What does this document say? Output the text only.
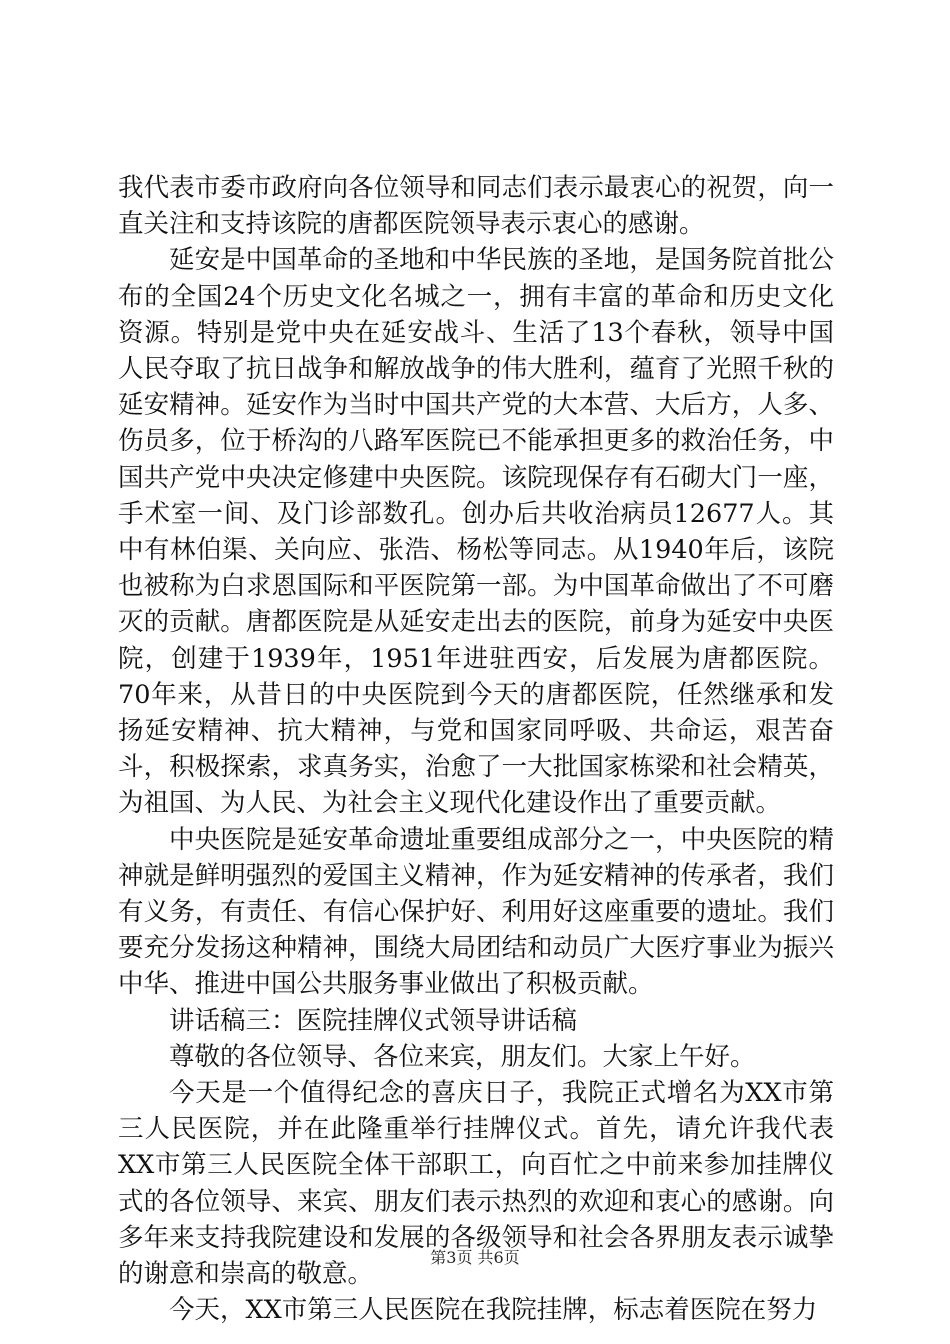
我代表市委市政府向各位领导和同志们表示最衷心的祝贺，向一直关注和支持该院的唐都医院领导表示衷心的感谢。

延安是中国革命的圣地和中华民族的圣地，是国务院首批公布的全国24个历史文化名城之一，拥有丰富的革命和历史文化资源。特别是党中央在延安战斗、生活了13个春秋，领导中国人民夺取了抗日战争和解放战争的伟大胜利，蕴育了光照千秋的延安精神。延安作为当时中国共产党的大本营、大后方，人多、伤员多，位于桥沟的八路军医院已不能承担更多的救治任务，中国共产党中央决定修建中央医院。该院现保存有石砌大门一座，手术室一间、及门诊部数孔。创办后共收治病员12677人。其中有林伯渠、关向应、张浩、杨松等同志。从1940年后，该院也被称为白求恩国际和平医院第一部。为中国革命做出了不可磨灭的贡献。唐都医院是从延安走出去的医院，前身为延安中央医院，创建于1939年，1951年进驻西安，后发展为唐都医院。70年来，从昔日的中央医院到今天的唐都医院，任然继承和发扬延安精神、抗大精神，与党和国家同呼吸、共命运，艰苦奋斗，积极探索，求真务实，治愈了一大批国家栋梁和社会精英，为祖国、为人民、为社会主义现代化建设作出了重要贡献。

中央医院是延安革命遗址重要组成部分之一，中央医院的精神就是鲜明强烈的爱国主义精神，作为延安精神的传承者，我们有义务，有责任、有信心保护好、利用好这座重要的遗址。我们要充分发扬这种精神，围绕大局团结和动员广大医疗事业为振兴中华、推进中国公共服务事业做出了积极贡献。

讲话稿三：医院挂牌仪式领导讲话稿

尊敬的各位领导、各位来宾，朋友们。大家上午好。

今天是一个值得纪念的喜庆日子，我院正式增名为XX市第三人民医院，并在此隆重举行挂牌仪式。首先，请允许我代表XX市第三人民医院全体干部职工，向百忙之中前来参加挂牌仪式的各位领导、来宾、朋友们表示热烈的欢迎和衷心的感谢。向多年来支持我院建设和发展的各级领导和社会各界朋友表示诚挚的谢意和崇高的敬意。

今天，XX市第三人民医院在我院挂牌，标志着医院在努力

第3页 共6页
